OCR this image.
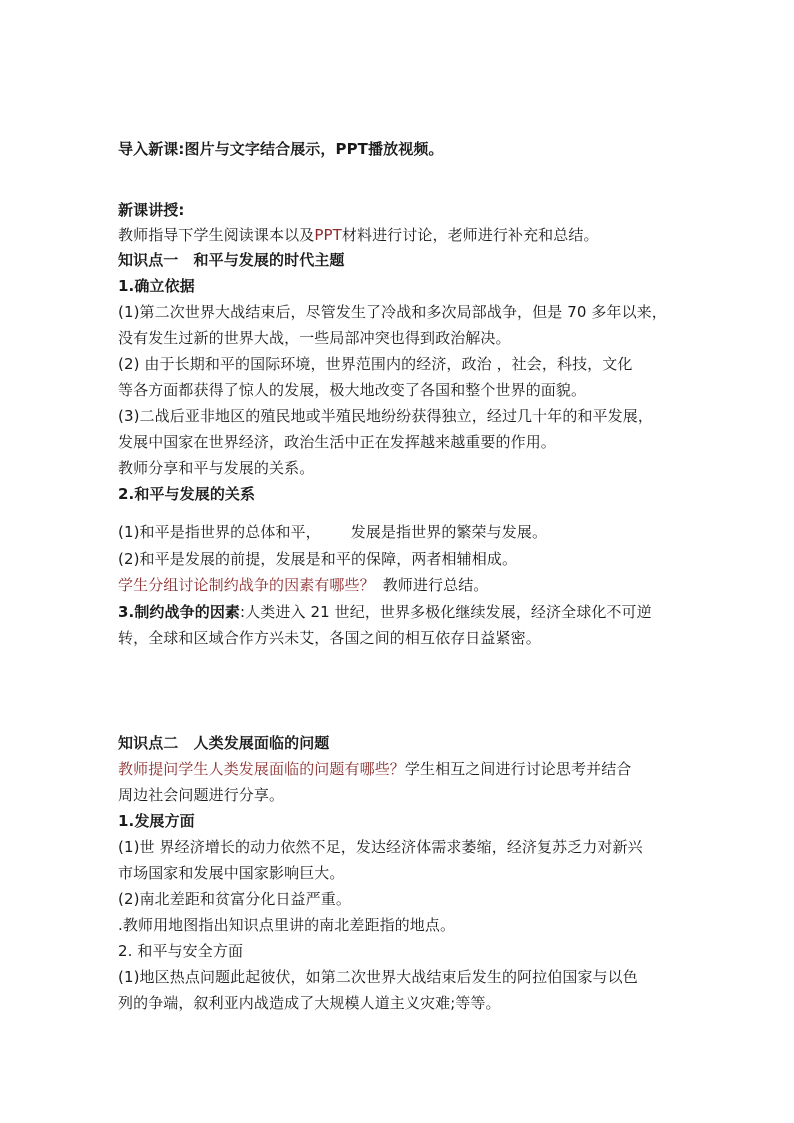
导入新课:图片与文字结合展示，PPT播放视频。
新课讲授:
教师指导下学生阅读课本以及PPT材料进行讨论，老师进行补充和总结。
知识点一　和平与发展的时代主题
1.确立依据
(1)第二次世界大战结束后，尽管发生了冷战和多次局部战争，但是 70 多年以来，
没有发生过新的世界大战，一些局部冲突也得到政治解决。
(2) 由于长期和平的国际环境，世界范围内的经济，政治 ，社会，科技，文化
等各方面都获得了惊人的发展，极大地改变了各国和整个世界的面貌。
(3)二战后亚非地区的殖民地或半殖民地纷纷获得独立，经过几十年的和平发展，
发展中国家在世界经济，政治生活中正在发挥越来越重要的作用。
教师分享和平与发展的关系。
2.和平与发展的关系
(1)和平是指世界的总体和平， 发展是指世界的繁荣与发展。
(2)和平是发展的前提，发展是和平的保障，两者相辅相成。
学生分组讨论制约战争的因素有哪些？ 教师进行总结。
3.制约战争的因素:人类进入 21 世纪，世界多极化继续发展，经济全球化不可逆
转，全球和区域合作方兴未艾，各国之间的相互依存日益紧密。
知识点二　人类发展面临的问题
教师提问学生人类发展面临的问题有哪些？学生相互之间进行讨论思考并结合
周边社会问题进行分享。
1.发展方面
(1)世 界经济增长的动力依然不足，发达经济体需求萎缩，经济复苏乏力对新兴
市场国家和发展中国家影响巨大。
(2)南北差距和贫富分化日益严重。
.教师用地图指出知识点里讲的南北差距指的地点。
2. 和平与安全方面
(1)地区热点问题此起彼伏，如第二次世界大战结束后发生的阿拉伯国家与以色
列的争端，叙利亚内战造成了大规模人道主义灾难;等等。
